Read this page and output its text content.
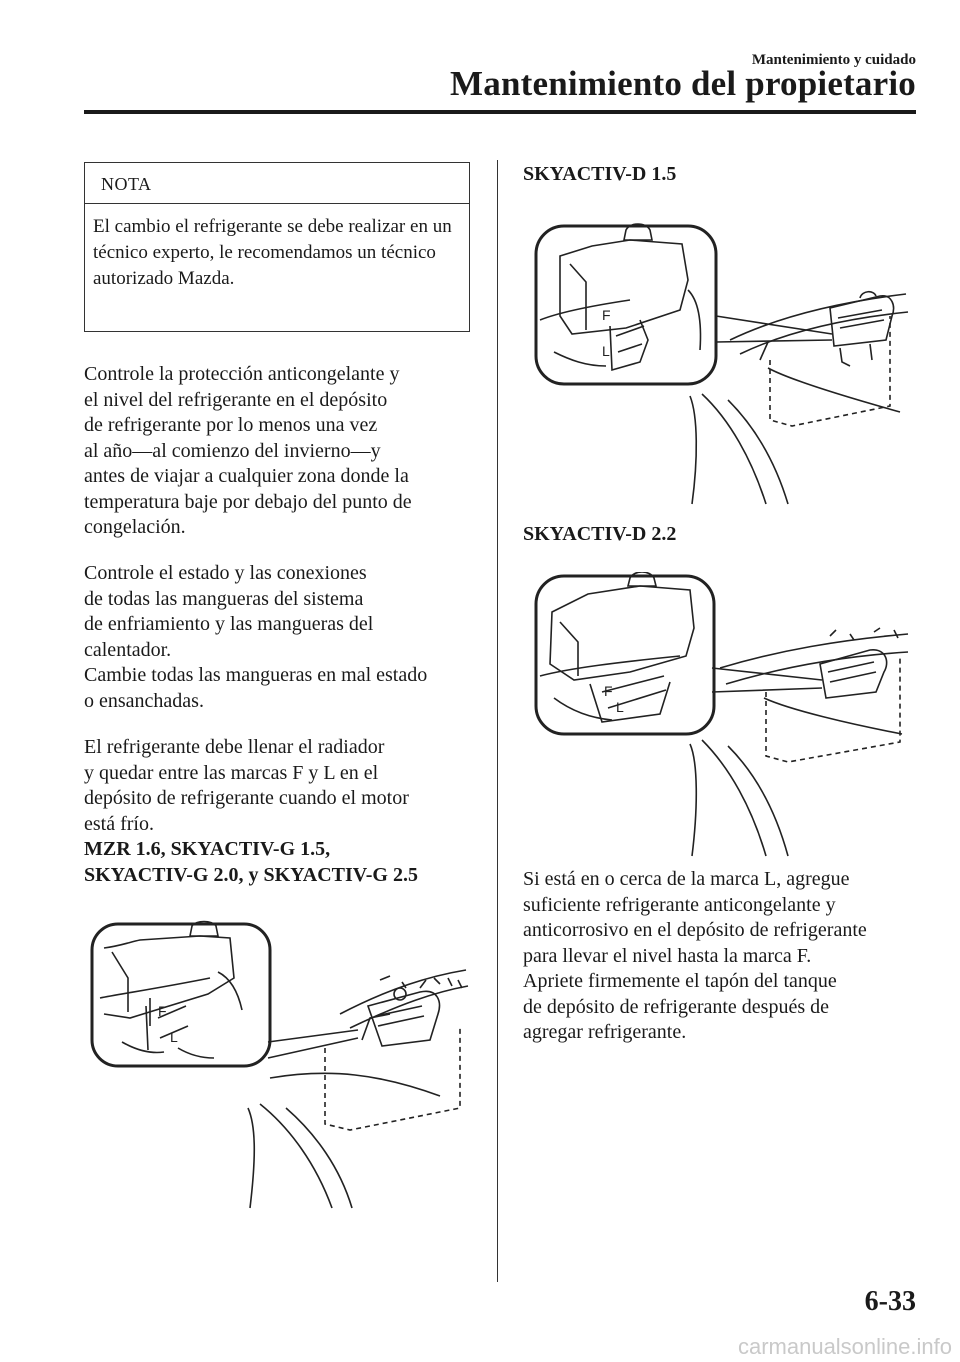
Mantenimiento y cuidado
Mantenimiento del propietario
NOTA
El cambio el refrigerante se debe realizar en un técnico experto, le recomendamos un técnico autorizado Mazda.
Controle la protección anticongelante y
el nivel del refrigerante en el depósito
de refrigerante por lo menos una vez
al año—al comienzo del invierno—y
antes de viajar a cualquier zona donde la
temperatura baje por debajo del punto de
congelación.
Controle el estado y las conexiones
de todas las mangueras del sistema
de enfriamiento y las mangueras del
calentador.
Cambie todas las mangueras en mal estado
o ensanchadas.
El refrigerante debe llenar el radiador
y quedar entre las marcas F y L en el
depósito de refrigerante cuando el motor
está frío.
MZR 1.6, SKYACTIV-G 1.5,
SKYACTIV-G 2.0, y SKYACTIV-G 2.5
F
L
SKYACTIV-D 1.5
F
L
SKYACTIV-D 2.2
F
L
Si está en o cerca de la marca L, agregue
suficiente refrigerante anticongelante y
anticorrosivo en el depósito de refrigerante
para llevar el nivel hasta la marca F.
Apriete firmemente el tapón del tanque
de depósito de refrigerante después de
agregar refrigerante.
6-33
carmanualsonline.info
